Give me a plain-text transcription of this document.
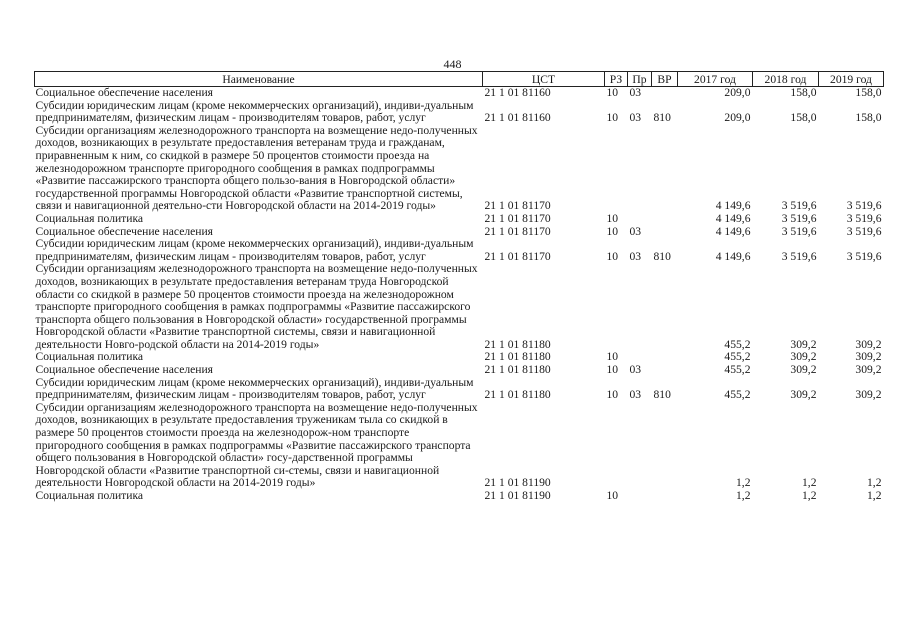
448
Наименование	ЦСТ	РЗ	Пр	ВР	2017 год	2018 год	2019 год
Социальное обеспечение населения	21 1 01 81160	10	03		209,0	158,0	158,0
Субсидии юридическим лицам (кроме некоммерческих организаций), индиви-дуальным предпринимателям, физическим лицам - производителям товаров, работ, услуг	21 1 01 81160	10	03	810	209,0	158,0	158,0
Субсидии организациям железнодорожного транспорта на возмещение недо-полученных доходов, возникающих в результате предоставления ветеранам труда и гражданам, приравненным к ним, со скидкой в размере 50 процентов стоимости проезда на железнодорожном транспорте пригородного сообщения в рамках подпрограммы «Развитие пассажирского транспорта общего пользо-вания в Новгородской области» государственной программы Новгородской области «Развитие транспортной системы, связи и навигационной деятельно-сти Новгородской области на 2014-2019 годы»	21 1 01 81170				4 149,6	3 519,6	3 519,6
Социальная политика	21 1 01 81170	10			4 149,6	3 519,6	3 519,6
Социальное обеспечение населения	21 1 01 81170	10	03		4 149,6	3 519,6	3 519,6
Субсидии юридическим лицам (кроме некоммерческих организаций), индиви-дуальным предпринимателям, физическим лицам - производителям товаров, работ, услуг	21 1 01 81170	10	03	810	4 149,6	3 519,6	3 519,6
Субсидии организациям железнодорожного транспорта на возмещение недо-полученных доходов, возникающих в результате предоставления ветеранам труда Новгородской области со скидкой в размере 50 процентов стоимости проезда на железнодорожном транспорте пригородного сообщения в рамках подпрограммы «Развитие пассажирского транспорта общего пользования в Новгородской области» государственной программы Новгородской области «Развитие транспортной системы, связи и навигационной деятельности Новго-родской области на 2014-2019 годы»	21 1 01 81180				455,2	309,2	309,2
Социальная политика	21 1 01 81180	10			455,2	309,2	309,2
Социальное обеспечение населения	21 1 01 81180	10	03		455,2	309,2	309,2
Субсидии юридическим лицам (кроме некоммерческих организаций), индиви-дуальным предпринимателям, физическим лицам - производителям товаров, работ, услуг	21 1 01 81180	10	03	810	455,2	309,2	309,2
Субсидии организациям железнодорожного транспорта на возмещение недо-полученных доходов, возникающих в результате предоставления труженикам тыла со скидкой в размере 50 процентов стоимости проезда на железнодорож-ном транспорте пригородного сообщения в рамках подпрограммы «Развитие пассажирского транспорта общего пользования в Новгородской области» госу-дарственной программы Новгородской области «Развитие транспортной си-стемы, связи и навигационной деятельности Новгородской области на 2014-2019 годы»	21 1 01 81190				1,2	1,2	1,2
Социальная политика	21 1 01 81190	10			1,2	1,2	1,2
